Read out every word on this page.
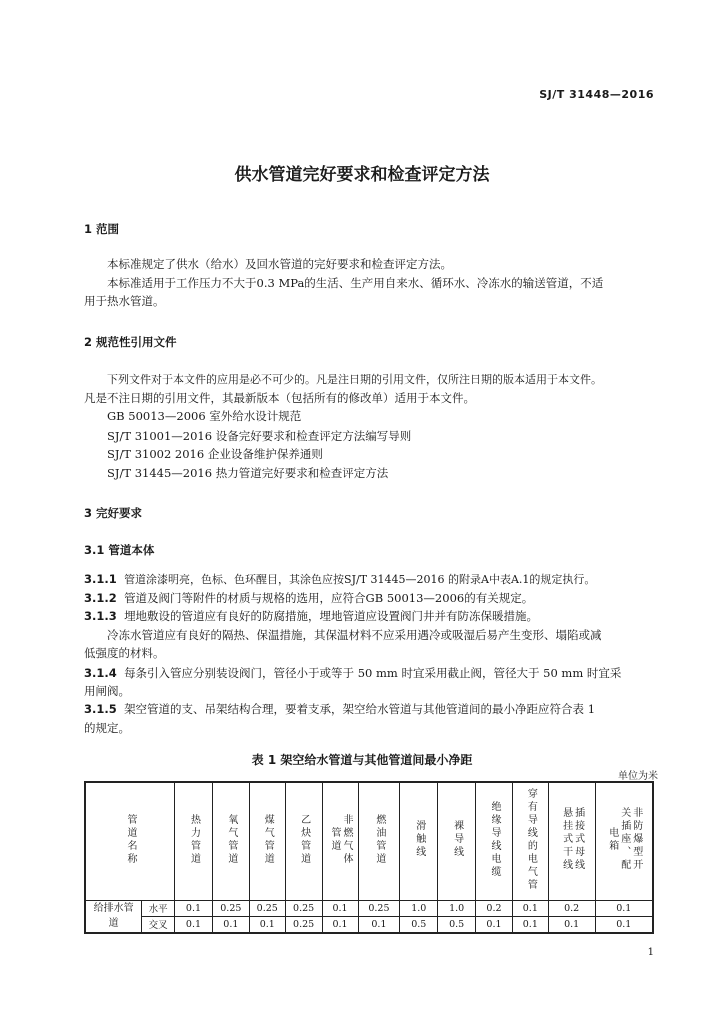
SJ/T 31448—2016
供水管道完好要求和检查评定方法
1 范围
本标准规定了供水（给水）及回水管道的完好要求和检查评定方法。
本标准适用于工作压力不大于0.3 MPa的生活、生产用自来水、循环水、冷冻水的输送管道，不适
用于热水管道。
2 规范性引用文件
下列文件对于本文件的应用是必不可少的。凡是注日期的引用文件，仅所注日期的版本适用于本文件。
凡是不注日期的引用文件，其最新版本（包括所有的修改单）适用于本文件。
GB 50013—2006 室外给水设计规范
SJ/T 31001—2016 设备完好要求和检查评定方法编写导则
SJ/T 31002 2016 企业设备维护保养通则
SJ/T 31445—2016 热力管道完好要求和检查评定方法
3 完好要求
3.1 管道本体
3.1.1 管道涂漆明亮，色标、色环醒目，其涂色应按SJ/T 31445—2016 的附录A中表A.1的规定执行。
3.1.2 管道及阀门等附件的材质与规格的选用，应符合GB 50013—2006的有关规定。
3.1.3 埋地敷设的管道应有良好的防腐措施，埋地管道应设置阀门井并有防冻保暖措施。
冷冻水管道应有良好的隔热、保温措施，其保温材料不应采用遇冷或吸湿后易产生变形、塌陷或减
低强度的材料。
3.1.4 每条引入管应分别装设阀门，管径小于或等于 50 mm 时宜采用截止阀，管径大于 50 mm 时宜采
用闸阀。
3.1.5 架空管道的支、吊架结构合理，要着支承，架空给水管道与其他管道间的最小净距应符合表 1
的规定。
表 1 架空给水管道与其他管道间最小净距
单位为米
管道名称		热力管道	氧气管道	煤气管道	乙炔管道	非燃气体管道	燃油管道	滑触线	裸导线	绝缘导线电缆	穿有导线的电气管	插接式母线悬挂式干线	非防爆型开关插座、配电箱
给排水管道	水平	0.1	0.25	0.25	0.25	0.1	0.25	1.0	1.0	0.2	0.1	0.2	0.1
	交叉	0.1	0.1	0.1	0.25	0.1	0.1	0.5	0.5	0.1	0.1	0.1	0.1
1
